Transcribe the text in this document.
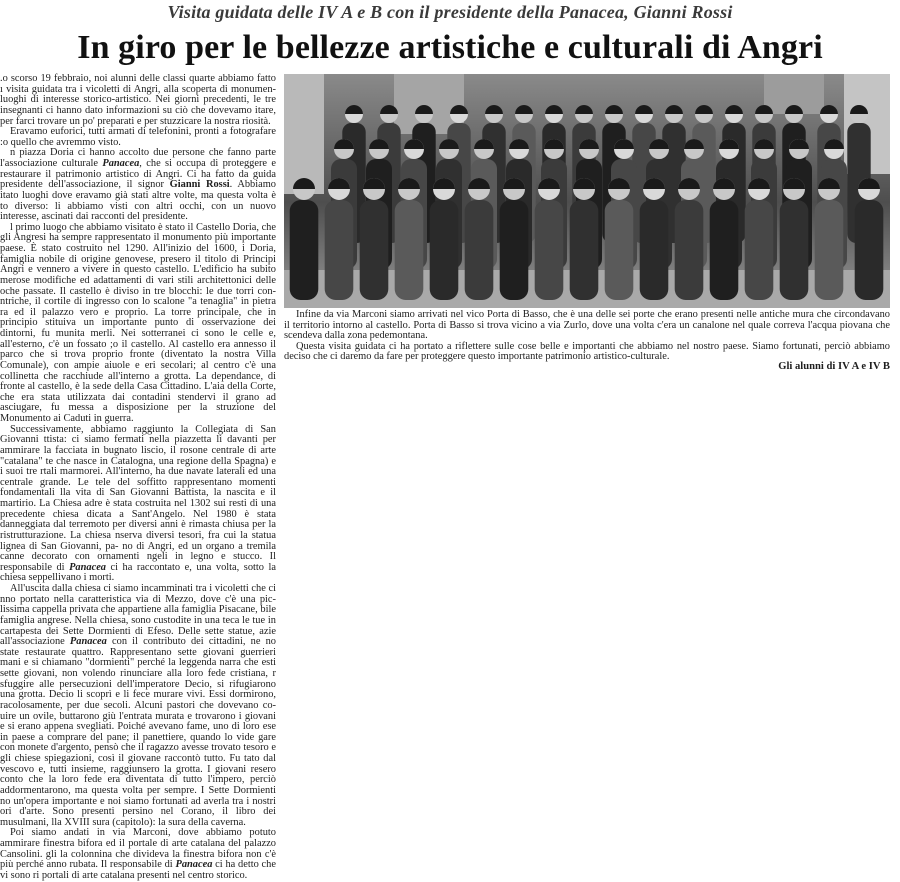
Visita guidata delle IV A e B con il presidente della Panacea, Gianni Rossi
In giro per le bellezze artistiche e culturali di Angri

.o scorso 19 febbraio, noi alunni delle classi quarte abbiamo fatto ı visita guidata tra i vicoletti di Angri, alla scoperta di monumen- luoghi di interesse storico-artistico. Nei giorni precedenti, le tre insegnanti ci hanno dato informazioni su ciò che dovevamo itare, per farci trovare un po' preparati e per stuzzicare la nostra riosità.

Eravamo euforici, tutti armati di telefonini, pronti a fotografare :o quello che avremmo visto.

n piazza Doria ci hanno accolto due persone che fanno parte l'associazione culturale Panacea, che si occupa di proteggere e restaurare il patrimonio artistico di Angri. Ci ha fatto da guida presidente dell'associazione, il signor Gianni Rossi. Abbiamo itato luoghi dove eravamo già stati altre volte, ma questa volta è to diverso: li abbiamo visti con altri occhi, con un nuovo interesse, ascinati dai racconti del presidente.

l primo luogo che abbiamo visitato è stato il Castello Doria, che gli Angresi ha sempre rappresentato il monumento più importante paese. È stato costruito nel 1290. All'inizio del 1600, i Doria, famiglia nobile di origine genovese, presero il titolo di Principi Angri e vennero a vivere in questo castello. L'edificio ha subito merose modifiche ed adattamenti di vari stili architettonici delle oche passate. Il castello è diviso in tre blocchi: le due torri con- ntriche, il cortile di ingresso con lo scalone "a tenaglia" in pietra ra ed il palazzo vero e proprio. La torre principale, che in principio stituiva un importante punto di osservazione dei dintorni, fu munita merli. Nei sotterranei ci sono le celle e, all'esterno, c'è un fossato ;o il castello. Al castello era annesso il parco che si trova proprio fronte (diventato la nostra Villa Comunale), con ampie aiuole e eri secolari; al centro c'è una collinetta che racchiude all'interno a grotta. La dependance, di fronte al castello, è la sede della Casa Cittadino. L'aia della Corte, che era stata utilizzata dai contadini stendervi il grano ad asciugare, fu messa a disposizione per la struzione del Monumento ai Caduti in guerra.

Successivamente, abbiamo raggiunto la Collegiata di San Giovanni ttista: ci siamo fermati nella piazzetta lì davanti per ammirare la facciata in bugnato liscio, il rosone centrale di arte "catalana" te che nasce in Catalogna, una regione della Spagna) e i suoi tre rtali marmorei. All'interno, ha due navate laterali ed una centrale grande. Le tele del soffitto rappresentano momenti fondamentali lla vita di San Giovanni Battista, la nascita e il martirio. La Chiesa adre è stata costruita nel 1302 sui resti di una precedente chiesa dicata a Sant'Angelo. Nel 1980 è stata danneggiata dal terremoto per diversi anni è rimasta chiusa per la ristrutturazione. La chiesa nserva diversi tesori, fra cui la statua lignea di San Giovanni, pa- no di Angri, ed un organo a tremila canne decorato con ornamenti ngeli in legno e stucco. Il responsabile di Panacea ci ha raccontato e, una volta, sotto la chiesa seppellivano i morti.

All'uscita dalla chiesa ci siamo incamminati tra i vicoletti che ci nno portato nella caratteristica via di Mezzo, dove c'è una pic- lissima cappella privata che appartiene alla famiglia Pisacane, bile famiglia angrese. Nella chiesa, sono custodite in una teca le tue in cartapesta dei Sette Dormienti di Efeso. Delle sette statue, azie all'associazione Panacea con il contributo dei cittadini, ne no state restaurate quattro. Rappresentano sette giovani guerrieri mani e si chiamano "dormienti" perché la leggenda narra che esti sette giovani, non volendo rinunciare alla loro fede cristiana, r sfuggire alle persecuzioni dell'imperatore Decio, si rifugiarono una grotta. Decio li scoprì e li fece murare vivi. Essi dormirono, racolosamente, per due secoli. Alcuni pastori che dovevano co- uire un ovile, buttarono giù l'entrata murata e trovarono i giovani e si erano appena svegliati. Poiché avevano fame, uno di loro ese in paese a comprare del pane; il panettiere, quando lo vide gare con monete d'argento, pensò che il ragazzo avesse trovato tesoro e gli chiese spiegazioni, così il giovane raccontò tutto. Fu tato dal vescovo e, tutti insieme, raggiunsero la grotta. I giovani resero conto che la loro fede era diventata di tutto l'impero, perciò addormentarono, ma questa volta per sempre. I Sette Dormienti no un'opera importante e noi siamo fortunati ad averla tra i nostri ori d'arte. Sono presenti persino nel Corano, il libro dei musulmani, lla XVIII sura (capitolo): la sura della caverna.

Poi siamo andati in via Marconi, dove abbiamo potuto ammirare finestra bifora ed il portale di arte catalana del palazzo Cansolini. gli la colonnina che divideva la finestra bifora non c'è più perché anno rubata. Il responsabile di Panacea ci ha detto che vi sono ri portali di arte catalana presenti nel centro storico.

Infine da via Marconi siamo arrivati nel vico Porta di Basso, che è una delle sei porte che erano presenti nelle antiche mura che circondavano il territorio intorno al castello. Porta di Basso si trova vicino a via Zurlo, dove una volta c'era un canalone nel quale correva l'acqua piovana che scendeva dalla zona pedemontana.

Questa visita guidata ci ha portato a riflettere sulle cose belle e importanti che abbiamo nel nostro paese. Siamo fortunati, perciò abbiamo deciso che ci daremo da fare per proteggere questo importante patrimonio artistico-culturale.

Gli alunni di IV A e IV B
